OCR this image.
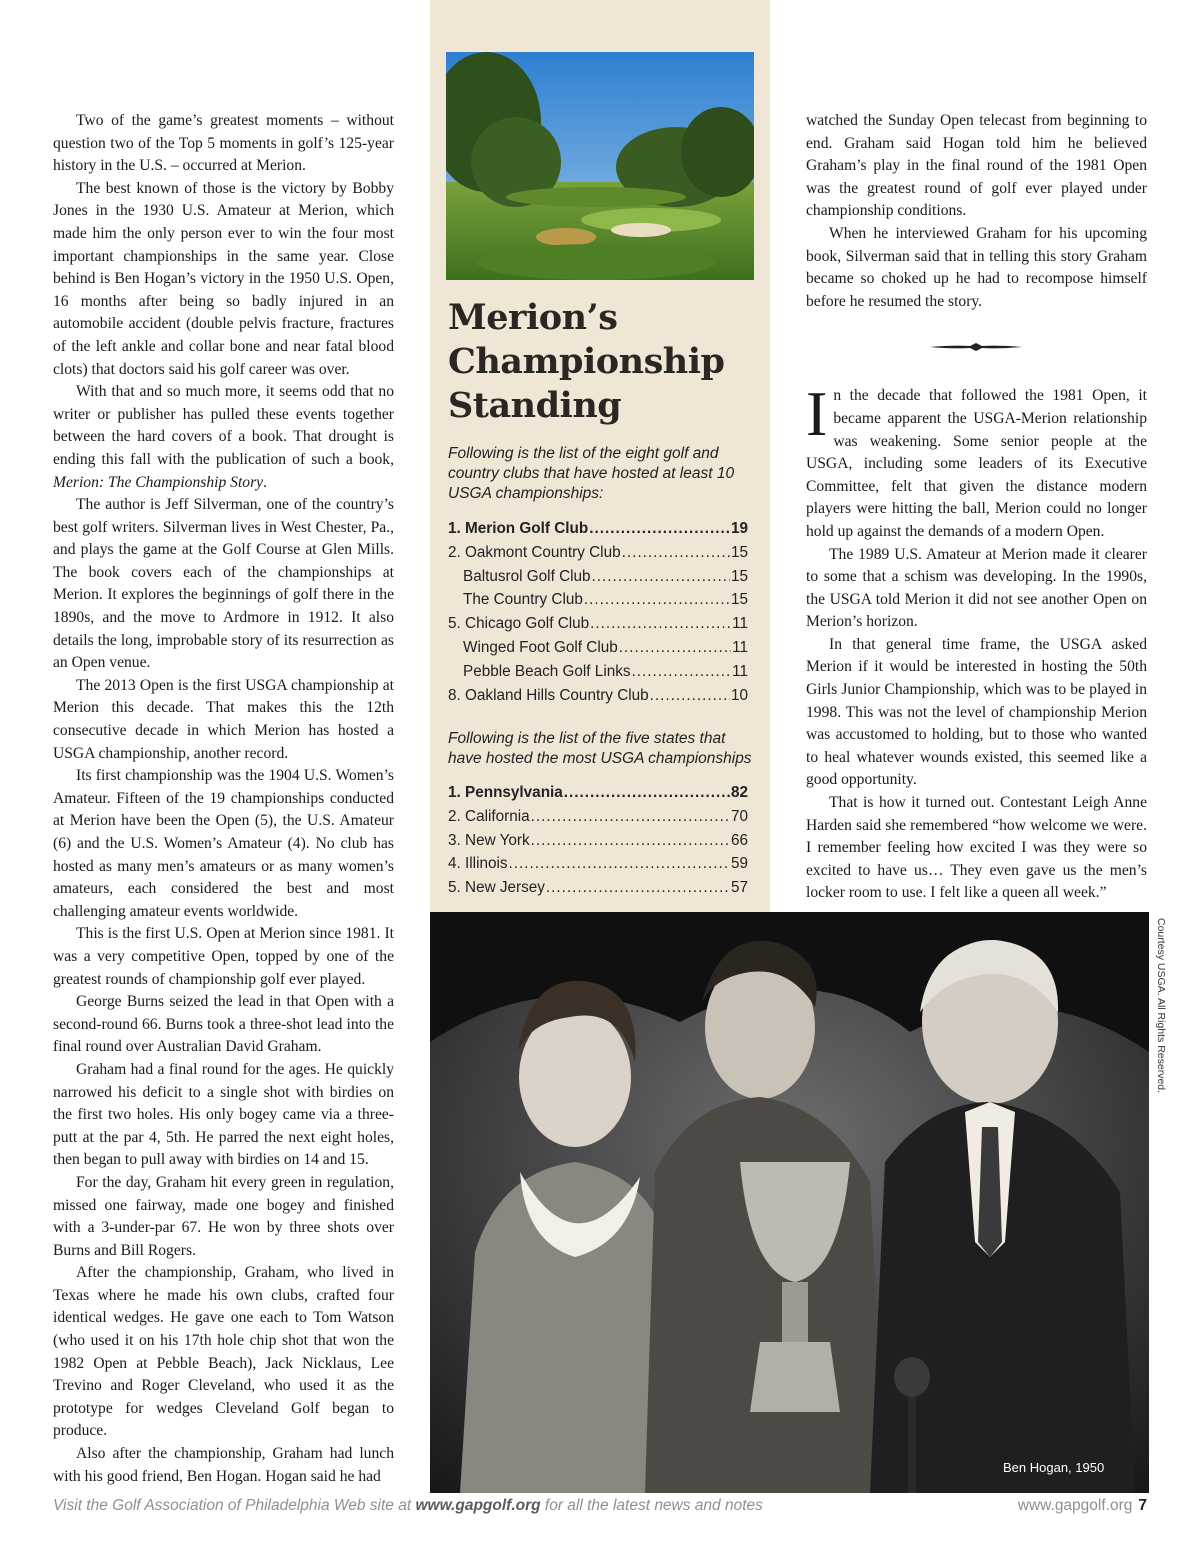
Two of the game’s greatest moments – without question two of the Top 5 moments in golf’s 125-year history in the U.S. – occurred at Merion.

The best known of those is the victory by Bobby Jones in the 1930 U.S. Amateur at Merion, which made him the only person ever to win the four most important championships in the same year. Close behind is Ben Hogan’s victory in the 1950 U.S. Open, 16 months after being so badly injured in an automobile accident (double pelvis fracture, fractures of the left ankle and collar bone and near fatal blood clots) that doctors said his golf career was over.

With that and so much more, it seems odd that no writer or publisher has pulled these events together between the hard covers of a book. That drought is ending this fall with the publication of such a book, Merion: The Championship Story.

The author is Jeff Silverman, one of the country’s best golf writers. Silverman lives in West Chester, Pa., and plays the game at the Golf Course at Glen Mills. The book covers each of the championships at Merion. It explores the beginnings of golf there in the 1890s, and the move to Ardmore in 1912. It also details the long, improbable story of its resurrection as an Open venue.

The 2013 Open is the first USGA championship at Merion this decade. That makes this the 12th consecutive decade in which Merion has hosted a USGA championship, another record.

Its first championship was the 1904 U.S. Women’s Amateur. Fifteen of the 19 championships conducted at Merion have been the Open (5), the U.S. Amateur (6) and the U.S. Women’s Amateur (4). No club has hosted as many men’s amateurs or as many women’s amateurs, each considered the best and most challenging amateur events worldwide.

This is the first U.S. Open at Merion since 1981. It was a very competitive Open, topped by one of the greatest rounds of championship golf ever played.

George Burns seized the lead in that Open with a second-round 66. Burns took a three-shot lead into the final round over Australian David Graham.

Graham had a final round for the ages. He quickly narrowed his deficit to a single shot with birdies on the first two holes. His only bogey came via a three-putt at the par 4, 5th. He parred the next eight holes, then began to pull away with birdies on 14 and 15.

For the day, Graham hit every green in regulation, missed one fairway, made one bogey and finished with a 3-under-par 67. He won by three shots over Burns and Bill Rogers.

After the championship, Graham, who lived in Texas where he made his own clubs, crafted four identical wedges. He gave one each to Tom Watson (who used it on his 17th hole chip shot that won the 1982 Open at Pebble Beach), Jack Nicklaus, Lee Trevino and Roger Cleveland, who used it as the prototype for wedges Cleveland Golf began to produce.

Also after the championship, Graham had lunch with his good friend, Ben Hogan. Hogan said he had

Merion’s
Championship
Standing
Following is the list of the eight golf and country clubs that have hosted at least 10 USGA championships:
1. Merion Golf Club .....	19
2. Oakmont Country Club .....	15
Baltusrol Golf Club .....	15
The Country Club .....	15
5. Chicago Golf Club .....	11
Winged Foot Golf Club .....	11
Pebble Beach Golf Links .....	11
8. Oakland Hills Country Club .....	10
Following is the list of the five states that have hosted the most USGA championships
1. Pennsylvania .....	82
2. California .....	70
3. New York .....	66
4. Illinois .....	59
5. New Jersey .....	57

watched the Sunday Open telecast from beginning to end. Graham said Hogan told him he believed Graham’s play in the final round of the 1981 Open was the greatest round of golf ever played under championship conditions.

When he interviewed Graham for his upcoming book, Silverman said that in telling this story Graham became so choked up he had to recompose himself before he resumed the story.

In the decade that followed the 1981 Open, it became apparent the USGA-Merion relationship was weakening. Some senior people at the USGA, including some leaders of its Executive Committee, felt that given the distance modern players were hitting the ball, Merion could no longer hold up against the demands of a modern Open.

The 1989 U.S. Amateur at Merion made it clearer to some that a schism was developing. In the 1990s, the USGA told Merion it did not see another Open on Merion’s horizon.

In that general time frame, the USGA asked Merion if it would be interested in hosting the 50th Girls Junior Championship, which was to be played in 1998. This was not the level of championship Merion was accustomed to holding, but to those who wanted to heal whatever wounds existed, this seemed like a good opportunity.

That is how it turned out. Contestant Leigh Anne Harden said she remembered “how welcome we were. I remember feeling how excited I was they were so excited to have us… They even gave us the men’s locker room to use. I felt like a queen all week.”

Ben Hogan, 1950
Courtesy USGA. All Rights Reserved.
Visit the Golf Association of Philadelphia Web site at www.gapgolf.org for all the latest news and notes	www.gapgolf.org 7
